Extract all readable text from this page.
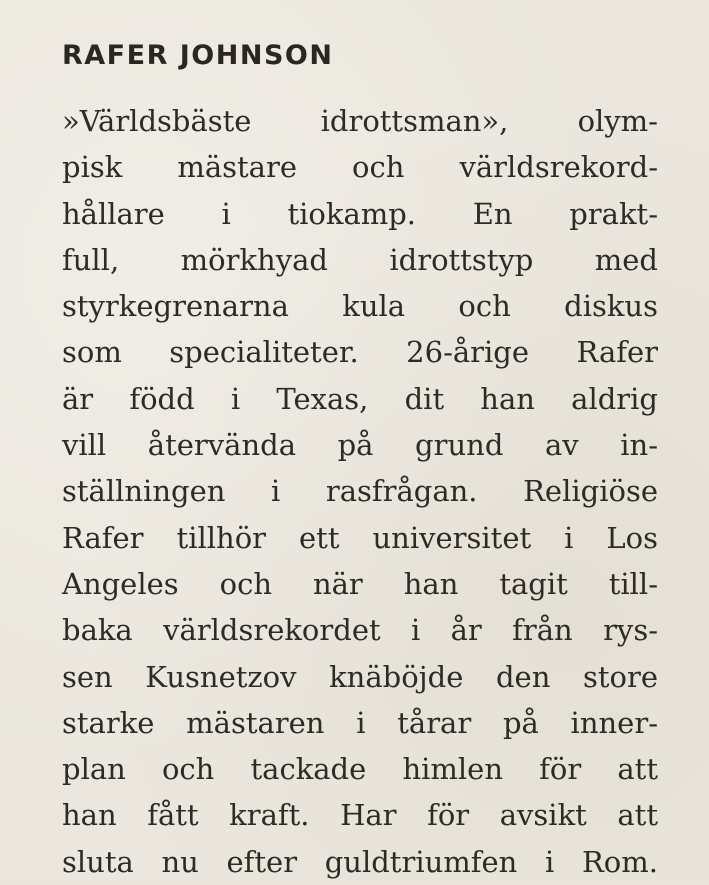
RAFER JOHNSON
»Världsbäste idrottsman», olym-
pisk mästare och världsrekord-
hållare i tiokamp. En prakt-
full, mörkhyad idrottstyp med
styrkegrenarna kula och diskus
som specialiteter. 26-årige Rafer
är född i Texas, dit han aldrig
vill återvända på grund av in-
ställningen i rasfrågan. Religiöse
Rafer tillhör ett universitet i Los
Angeles och när han tagit till-
baka världsrekordet i år från rys-
sen Kusnetzov knäböjde den store
starke mästaren i tårar på inner-
plan och tackade himlen för att
han fått kraft. Har för avsikt att
sluta nu efter guldtriumfen i Rom.
